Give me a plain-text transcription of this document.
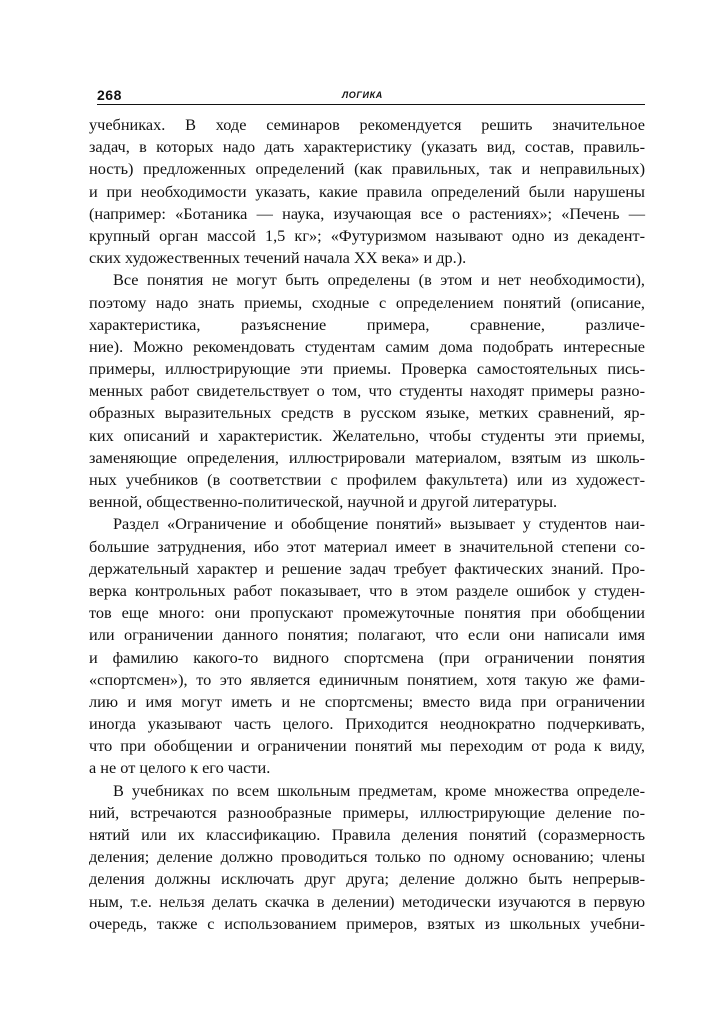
268	ЛОГИКА
учебниках. В ходе семинаров рекомендуется решить значительное
задач, в которых надо дать характеристику (указать вид, состав, правиль-
ность) предложенных определений (как правильных, так и неправильных)
и при необходимости указать, какие правила определений были нарушены
(например: «Ботаника — наука, изучающая все о растениях»; «Печень —
крупный орган массой 1,5 кг»; «Футуризмом называют одно из декадент-
ских художественных течений начала XX века» и др.).
Все понятия не могут быть определены (в этом и нет необходимости),
поэтому надо знать приемы, сходные с определением понятий (описание,
характеристика, разъяснение примера, сравнение, различе-
ние). Можно рекомендовать студентам самим дома подобрать интересные
примеры, иллюстрирующие эти приемы. Проверка самостоятельных пись-
менных работ свидетельствует о том, что студенты находят примеры разно-
образных выразительных средств в русском языке, метких сравнений, яр-
ких описаний и характеристик. Желательно, чтобы студенты эти приемы,
заменяющие определения, иллюстрировали материалом, взятым из школь-
ных учебников (в соответствии с профилем факультета) или из художест-
венной, общественно-политической, научной и другой литературы.
Раздел «Ограничение и обобщение понятий» вызывает у студентов наи-
большие затруднения, ибо этот материал имеет в значительной степени со-
держательный характер и решение задач требует фактических знаний. Про-
верка контрольных работ показывает, что в этом разделе ошибок у студен-
тов еще много: они пропускают промежуточные понятия при обобщении
или ограничении данного понятия; полагают, что если они написали имя
и фамилию какого-то видного спортсмена (при ограничении понятия
«спортсмен»), то это является единичным понятием, хотя такую же фами-
лию и имя могут иметь и не спортсмены; вместо вида при ограничении
иногда указывают часть целого. Приходится неоднократно подчеркивать,
что при обобщении и ограничении понятий мы переходим от рода к виду,
а не от целого к его части.
В учебниках по всем школьным предметам, кроме множества определе-
ний, встречаются разнообразные примеры, иллюстрирующие деление по-
нятий или их классификацию. Правила деления понятий (соразмерность
деления; деление должно проводиться только по одному основанию; члены
деления должны исключать друг друга; деление должно быть непрерыв-
ным, т.е. нельзя делать скачка в делении) методически изучаются в первую
очередь, также с использованием примеров, взятых из школьных учебни-
